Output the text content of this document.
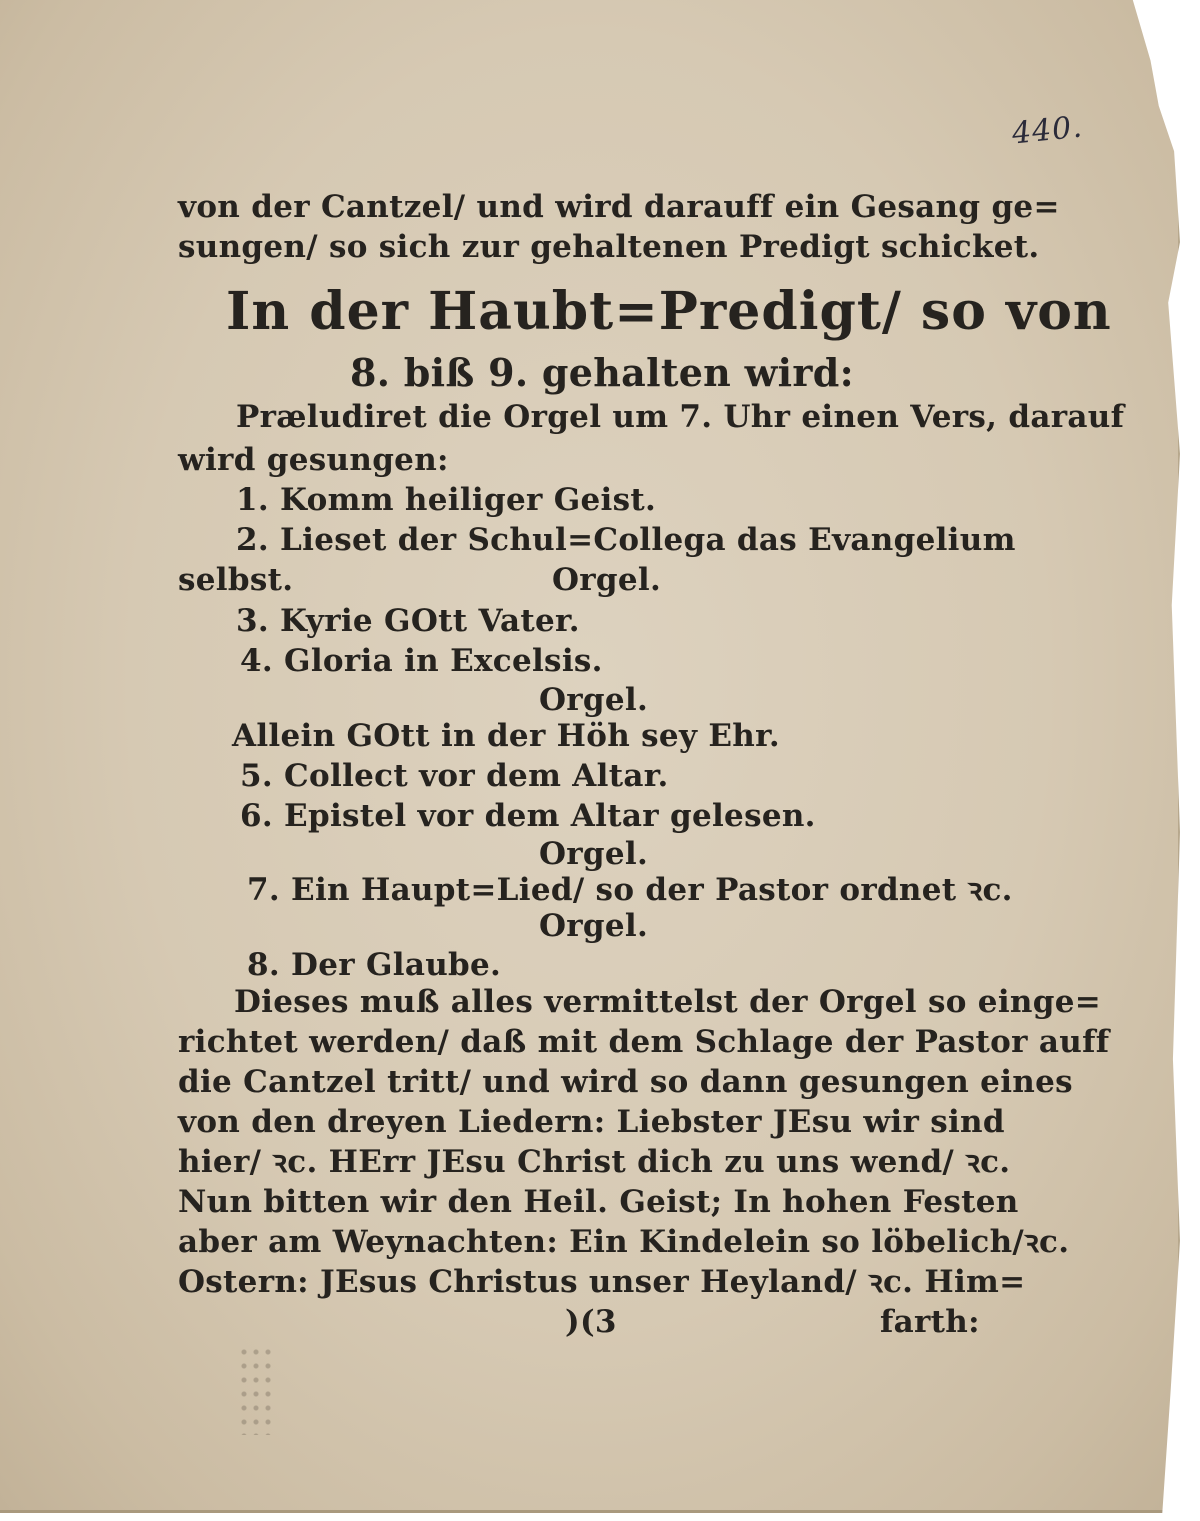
440.
von der Cantzel/ und wird darauff ein Gesang ge=
sungen/ so sich zur gehaltenen Predigt schicket.
In der Haubt=Predigt/ so von
8. biß 9. gehalten wird:
Præludiret die Orgel um 7. Uhr einen Vers, darauf
wird gesungen:
1. Komm heiliger Geist.
2. Lieset der Schul=Collega das Evangelium
selbst.	Orgel.
3. Kyrie GOtt Vater.
4. Gloria in Excelsis.
Orgel.
Allein GOtt in der Höh sey Ehr.
5. Collect vor dem Altar.
6. Epistel vor dem Altar gelesen.
Orgel.
7. Ein Haupt=Lied/ so der Pastor ordnet ꝛc.
Orgel.
8. Der Glaube.
Dieses muß alles vermittelst der Orgel so einge=
richtet werden/ daß mit dem Schlage der Pastor auff
die Cantzel tritt/ und wird so dann gesungen eines
von den dreyen Liedern: Liebster JEsu wir sind
hier/ ꝛc. HErr JEsu Christ dich zu uns wend/ ꝛc.
Nun bitten wir den Heil. Geist; In hohen Festen
aber am Weynachten: Ein Kindelein so löbelich/ꝛc.
Ostern: JEsus Christus unser Heyland/ ꝛc. Him=
)(3	farth:
